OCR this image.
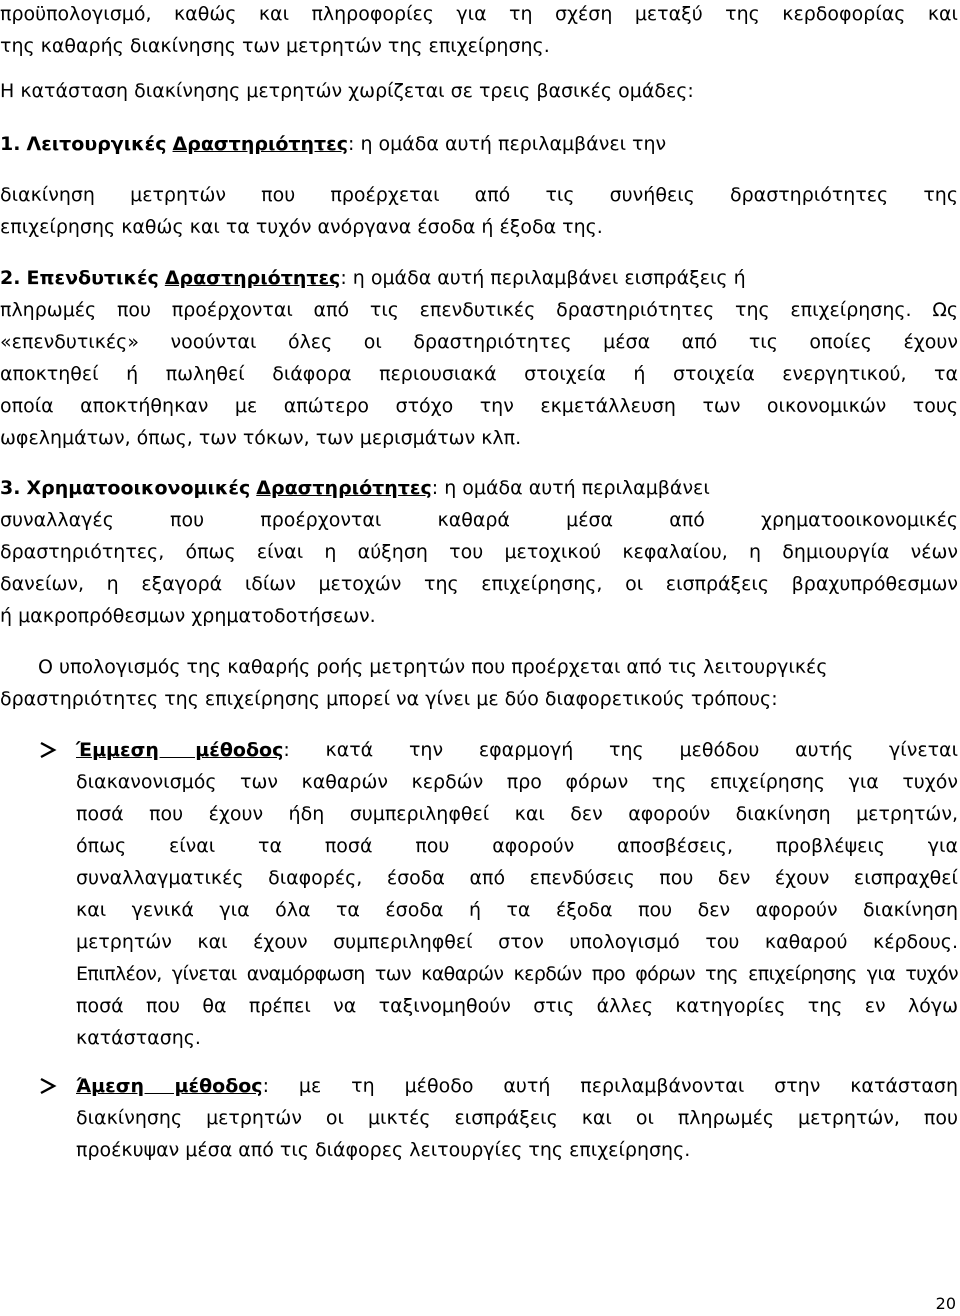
προϋπολογισμό, καθώς και πληροφορίες για τη σχέση μεταξύ της κερδοφορίας και
της καθαρής διακίνησης των μετρητών της επιχείρησης.

Η κατάσταση διακίνησης μετρητών χωρίζεται σε τρεις βασικές ομάδες:

1. Λειτουργικές Δραστηριότητες: η ομάδα αυτή περιλαμβάνει την

διακίνηση μετρητών που προέρχεται από τις συνήθεις δραστηριότητες της
επιχείρησης καθώς και τα τυχόν ανόργανα έσοδα ή έξοδα της.

2. Επενδυτικές Δραστηριότητες: η ομάδα αυτή περιλαμβάνει εισπράξεις ή
πληρωμές που προέρχονται από τις επενδυτικές δραστηριότητες της επιχείρησης. Ως
«επενδυτικές» νοούνται όλες οι δραστηριότητες μέσα από τις οποίες έχουν
αποκτηθεί ή πωληθεί διάφορα περιουσιακά στοιχεία ή στοιχεία ενεργητικού, τα
οποία αποκτήθηκαν με απώτερο στόχο την εκμετάλλευση των οικονομικών τους
ωφελημάτων, όπως, των τόκων, των μερισμάτων κλπ.

3. Χρηματοοικονομικές Δραστηριότητες: η ομάδα αυτή περιλαμβάνει
συναλλαγές που προέρχονται καθαρά μέσα από χρηματοοικονομικές
δραστηριότητες, όπως είναι η αύξηση του μετοχικού κεφαλαίου, η δημιουργία νέων
δανείων, η εξαγορά ιδίων μετοχών της επιχείρησης, οι εισπράξεις βραχυπρόθεσμων
ή μακροπρόθεσμων χρηματοδοτήσεων.

Ο υπολογισμός της καθαρής ροής μετρητών που προέρχεται από τις λειτουργικές

δραστηριότητες της επιχείρησης μπορεί να γίνει με δύο διαφορετικούς τρόπους:

Έμμεση μέθοδος: κατά την εφαρμογή της μεθόδου αυτής γίνεται
διακανονισμός των καθαρών κερδών προ φόρων της επιχείρησης για τυχόν
ποσά που έχουν ήδη συμπεριληφθεί και δεν αφορούν διακίνηση μετρητών,
όπως είναι τα ποσά που αφορούν αποσβέσεις, προβλέψεις για
συναλλαγματικές διαφορές, έσοδα από επενδύσεις που δεν έχουν εισπραχθεί
και γενικά για όλα τα έσοδα ή τα έξοδα που δεν αφορούν διακίνηση
μετρητών και έχουν συμπεριληφθεί στον υπολογισμό του καθαρού κέρδους.
Επιπλέον, γίνεται αναμόρφωση των καθαρών κερδών προ φόρων της επιχείρησης για τυχόν
ποσά που θα πρέπει να ταξινομηθούν στις άλλες κατηγορίες της εν λόγω
κατάστασης.
Άμεση μέθοδος: με τη μέθοδο αυτή περιλαμβάνονται στην κατάσταση
διακίνησης μετρητών οι μικτές εισπράξεις και οι πληρωμές μετρητών, που
προέκυψαν μέσα από τις διάφορες λειτουργίες της επιχείρησης.
20
